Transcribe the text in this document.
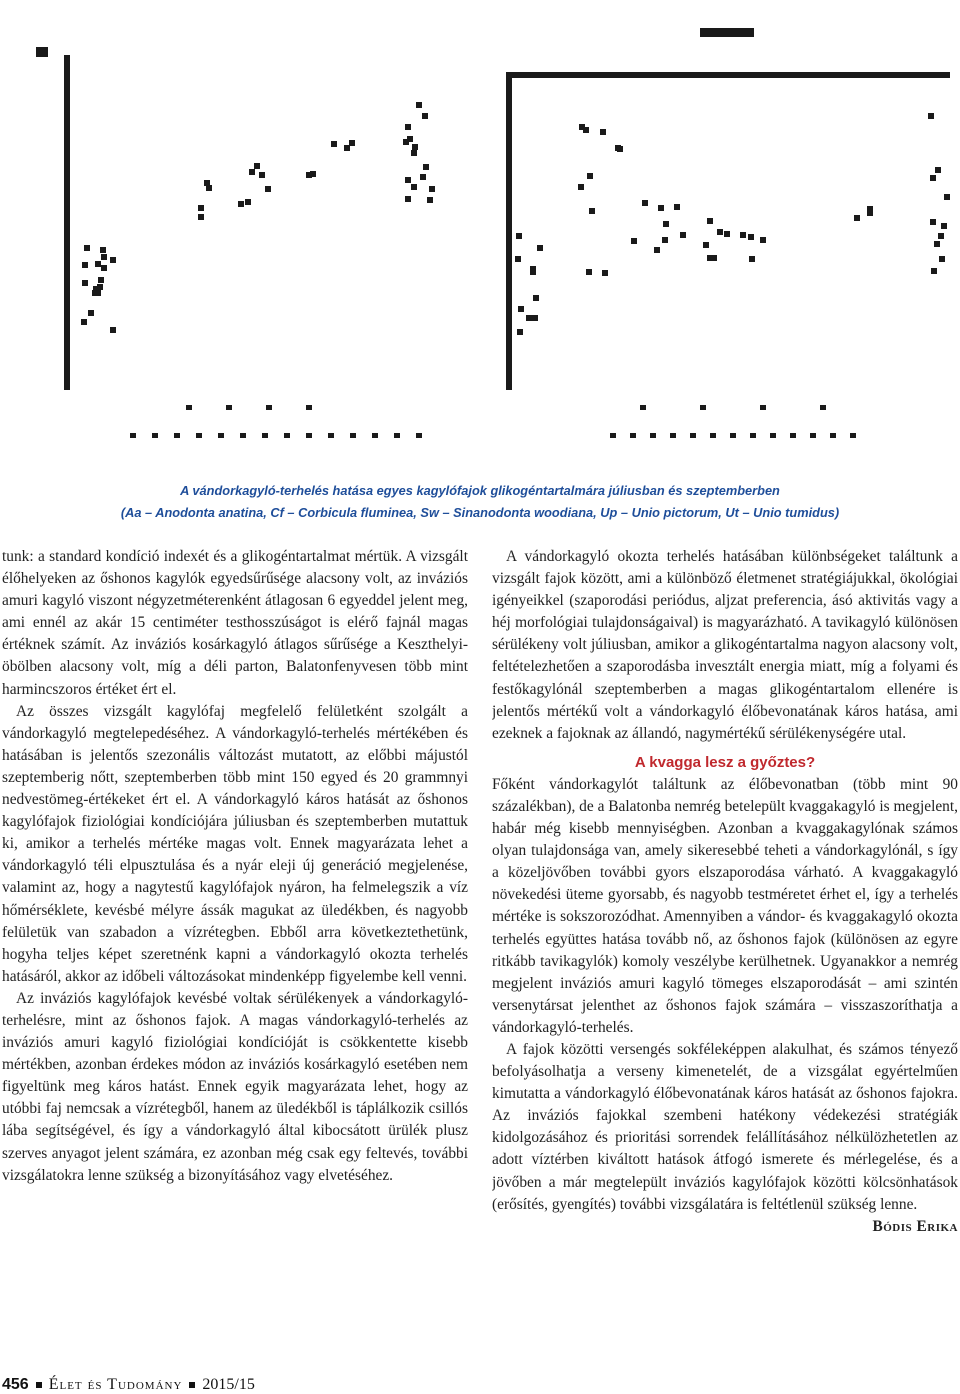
A vándorkagyló-terhelés hatása egyes kagylófajok glikogéntartalmára júliusban és szeptemberben
(Aa – Anodonta anatina, Cf – Corbicula fluminea, Sw – Sinanodonta woodiana, Up – Unio pictorum, Ut – Unio tumidus)

tunk: a standard kondíció indexét és a glikogéntartalmat mértük. A vizsgált élőhelyeken az őshonos kagylók egyedsűrűsége alacsony volt, az inváziós amuri kagyló viszont négyzetméterenként átlagosan 6 egyeddel jelent meg, ami ennél az akár 15 centiméter testhosszúságot is elérő fajnál magas értéknek számít. Az inváziós kosárkagyló átlagos sűrűsége a Keszthelyi-öbölben alacsony volt, míg a déli parton, Balatonfenyvesen több mint harmincszoros értéket ért el.

Az összes vizsgált kagylófaj megfelelő felületként szolgált a vándorkagyló megtelepedéséhez. A vándorkagyló-terhelés mértékében és hatásában is jelentős szezonális változást mutatott, az előbbi májustól szeptemberig nőtt, szeptemberben több mint 150 egyed és 20 grammnyi nedvestömeg-értékeket ért el. A vándorkagyló káros hatását az őshonos kagylófajok fiziológiai kondíciójára júliusban és szeptemberben mutattuk ki, amikor a terhelés mértéke magas volt. Ennek magyarázata lehet a vándorkagyló téli elpusztulása és a nyár eleji új generáció megjelenése, valamint az, hogy a nagytestű kagylófajok nyáron, ha felmelegszik a víz hőmérséklete, kevésbé mélyre ássák magukat az üledékben, és nagyobb felületük van szabadon a vízrétegben. Ebből arra következtethetünk, hogyha teljes képet szeretnénk kapni a vándorkagyló okozta terhelés hatásáról, akkor az időbeli változásokat mindenképp figyelembe kell venni.

Az inváziós kagylófajok kevésbé voltak sérülékenyek a vándorkagyló-terhelésre, mint az őshonos fajok. A magas vándorkagyló-terhelés az inváziós amuri kagyló fiziológiai kondícióját is csökkentette kisebb mértékben, azonban érdekes módon az inváziós kosárkagyló esetében nem figyeltünk meg káros hatást. Ennek egyik magyarázata lehet, hogy az utóbbi faj nemcsak a vízrétegből, hanem az üledékből is táplálkozik csillós lába segítségével, és így a vándorkagyló által kibocsátott ürülék plusz szerves anyagot jelent számára, ez azonban még csak egy feltevés, további vizsgálatokra lenne szükség a bizonyításához vagy elvetéséhez.

A vándorkagyló okozta terhelés hatásában különbségeket találtunk a vizsgált fajok között, ami a különböző életmenet stratégiájukkal, ökológiai igényeikkel (szaporodási periódus, aljzat preferencia, ásó aktivitás vagy a héj morfológiai tulajdonságaival) is magyarázható. A tavikagyló különösen sérülékeny volt júliusban, amikor a glikogéntartalma nagyon alacsony volt, feltételezhetően a szaporodásba invesztált energia miatt, míg a folyami és festőkagylónál szeptemberben a magas glikogéntartalom ellenére is jelentős mértékű volt a vándorkagyló élőbevonatának káros hatása, ami ezeknek a fajoknak az állandó, nagymértékű sérülékenységére utal.

A kvagga lesz a győztes?

Főként vándorkagylót találtunk az élőbevonatban (több mint 90 százalékban), de a Balatonba nemrég betelepült kvaggakagyló is megjelent, habár még kisebb mennyiségben. Azonban a kvaggakagylónak számos olyan tulajdonsága van, amely sikeresebbé teheti a vándorkagylónál, s így a közeljövőben további gyors elszaporodása várható. A kvaggakagyló növekedési üteme gyorsabb, és nagyobb testméretet érhet el, így a terhelés mértéke is sokszorozódhat. Amennyiben a vándor- és kvaggakagyló okozta terhelés együttes hatása tovább nő, az őshonos fajok (különösen az egyre ritkább tavikagylók) komoly veszélybe kerülhetnek. Ugyanakkor a nemrég megjelent inváziós amuri kagyló tömeges elszaporodását – ami szintén versenytársat jelenthet az őshonos fajok számára – visszaszoríthatja a vándorkagyló-terhelés.

A fajok közötti versengés sokféleképpen alakulhat, és számos tényező befolyásolhatja a verseny kimenetelét, de a vizsgálat egyértelműen kimutatta a vándorkagyló élőbevonatának káros hatását az őshonos fajokra. Az inváziós fajokkal szembeni hatékony védekezési stratégiák kidolgozásához és prioritási sorrendek felállításához nélkülözhetetlen az adott víztérben kiváltott hatások átfogó ismerete és mérlegelése, és a jövőben a már megtelepült inváziós kagylófajok közötti kölcsönhatások (erősítés, gyengítés) további vizsgálatára is feltétlenül szükség lenne.
Bódis Erika

456 Élet és Tudomány 2015/15
